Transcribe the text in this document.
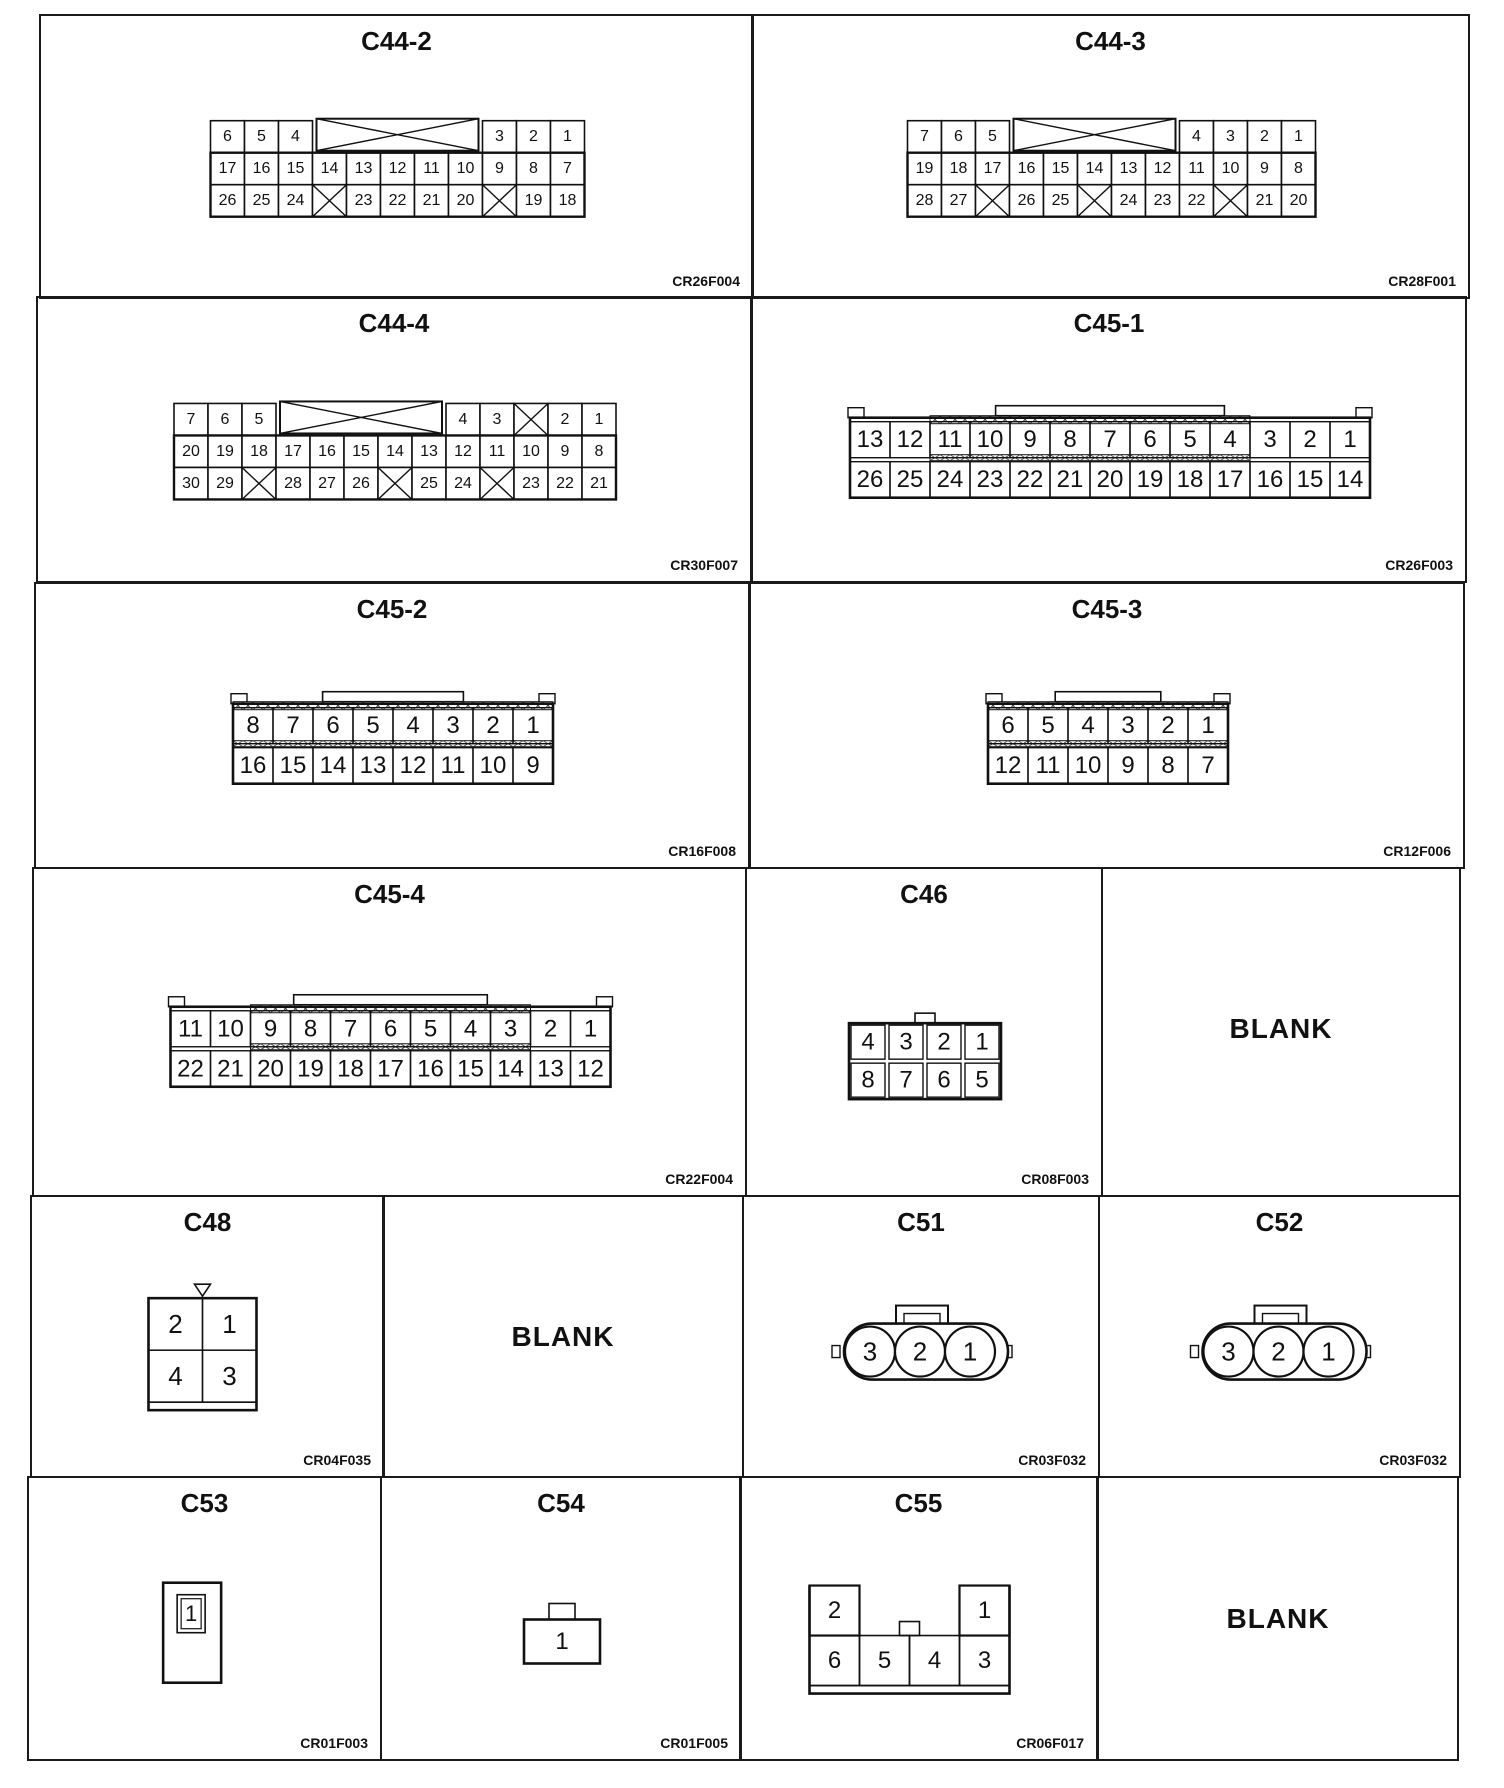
C44-2
CR26F004
6 5 4	3 2 1
17 16 15 14 13 12 11 10 9 8 7
26 25 24	23 22 21 20	19 18
C44-3
CR28F001
7 6 5	4 3 2 1
19 18 17 16 15 14 13 12 11 10 9 8
28 27	26 25	24 23 22	21 20
C44-4
CR30F007
7 6 5	4 3	2 1
20 19 18 17 16 15 14 13 12 11 10 9 8
30 29	28 27 26	25 24	23 22 21
C45-1
CR26F003
13 12 11 10 9 8 7 6 5 4 3 2 1
26 25 24 23 22 21 20 19 18 17 16 15 14
C45-2
CR16F008
8 7 6 5 4 3 2 1
16 15 14 13 12 11 10 9
C45-3
CR12F006
6 5 4 3 2 1
12 11 10 9 8 7
C45-4
CR22F004
11 10 9 8 7 6 5 4 3 2 1
22 21 20 19 18 17 16 15 14 13 12
C46
CR08F003
4 3 2 1
8 7 6 5
BLANK
C48
CR04F035
2 1
4 3
BLANK
C51
CR03F032
3 2 1
C52
CR03F032
3 2 1
C53
CR01F003
1
C54
CR01F005
1
C55
CR06F017
2	1
6 5 4 3
BLANK
